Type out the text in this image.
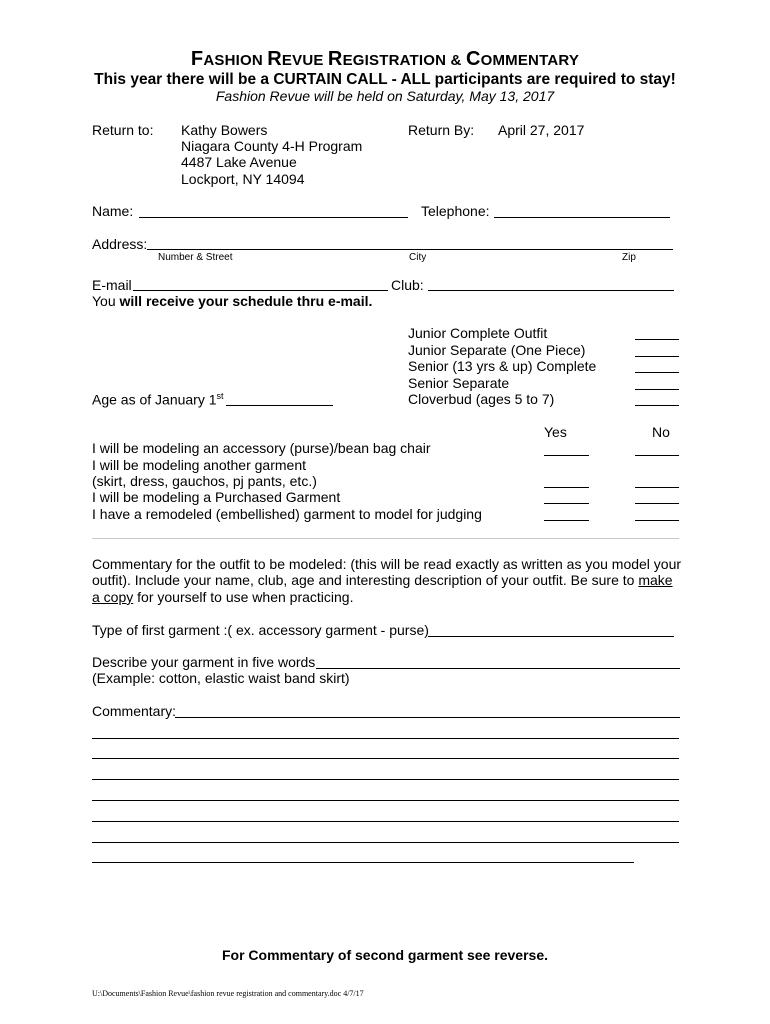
FASHION REVUE REGISTRATION & COMMENTARY
This year there will be a CURTAIN CALL - ALL participants are required to stay!
Fashion Revue will be held on Saturday, May 13, 2017
Return to: Kathy Bowers
Niagara County 4-H Program
4487 Lake Avenue
Lockport, NY 14094
Return By: April 27, 2017
Name:	Telephone:
Address:
Number & Street	City	Zip
E-mail	Club:
You will receive your schedule thru e-mail.
Junior Complete Outfit
Junior Separate (One Piece)
Senior (13 yrs & up) Complete
Senior Separate
Cloverbud (ages 5 to 7)
Age as of January 1st
Yes	No
I will be modeling an accessory (purse)/bean bag chair
I will be modeling another garment
(skirt, dress, gauchos, pj pants, etc.)
I will be modeling a Purchased Garment
I have a remodeled (embellished) garment to model for judging
Commentary for the outfit to be modeled: (this will be read exactly as written as you model your
outfit). Include your name, club, age and interesting description of your outfit. Be sure to make
a copy for yourself to use when practicing.
Type of first garment :( ex. accessory garment - purse)
Describe your garment in five words
(Example: cotton, elastic waist band skirt)
Commentary:
For Commentary of second garment see reverse.
U:\Documents\Fashion Revue\fashion revue registration and commentary.doc 4/7/17
